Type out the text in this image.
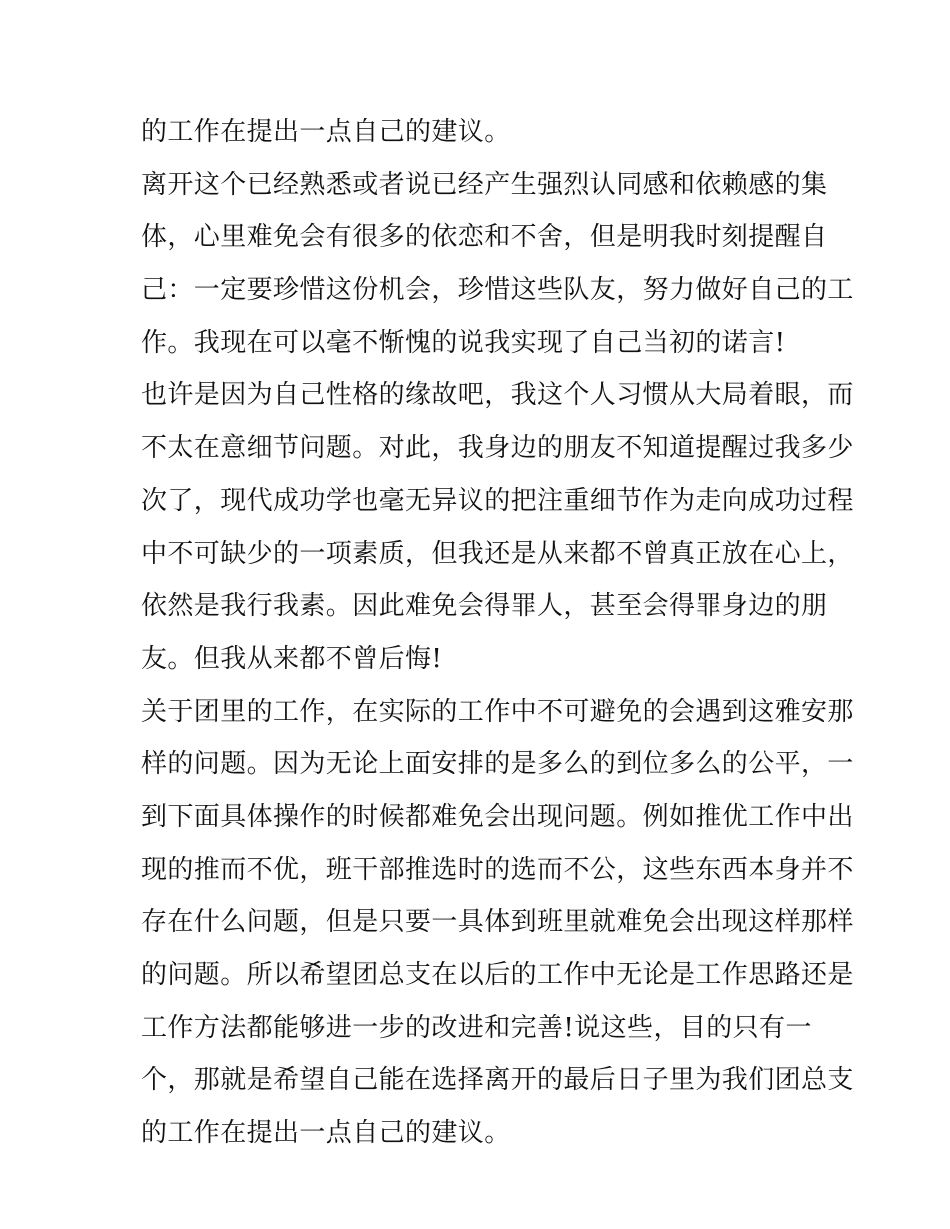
的工作在提出一点自己的建议。
离开这个已经熟悉或者说已经产生强烈认同感和依赖感的集
体，心里难免会有很多的依恋和不舍，但是明我时刻提醒自
己：一定要珍惜这份机会，珍惜这些队友，努力做好自己的工
作。我现在可以毫不惭愧的说我实现了自己当初的诺言!
也许是因为自己性格的缘故吧，我这个人习惯从大局着眼，而
不太在意细节问题。对此，我身边的朋友不知道提醒过我多少
次了，现代成功学也毫无异议的把注重细节作为走向成功过程
中不可缺少的一项素质，但我还是从来都不曾真正放在心上，
依然是我行我素。因此难免会得罪人，甚至会得罪身边的朋
友。但我从来都不曾后悔!
关于团里的工作，在实际的工作中不可避免的会遇到这雅安那
样的问题。因为无论上面安排的是多么的到位多么的公平，一
到下面具体操作的时候都难免会出现问题。例如推优工作中出
现的推而不优，班干部推选时的选而不公，这些东西本身并不
存在什么问题，但是只要一具体到班里就难免会出现这样那样
的问题。所以希望团总支在以后的工作中无论是工作思路还是
工作方法都能够进一步的改进和完善!说这些，目的只有一
个，那就是希望自己能在选择离开的最后日子里为我们团总支
的工作在提出一点自己的建议。
